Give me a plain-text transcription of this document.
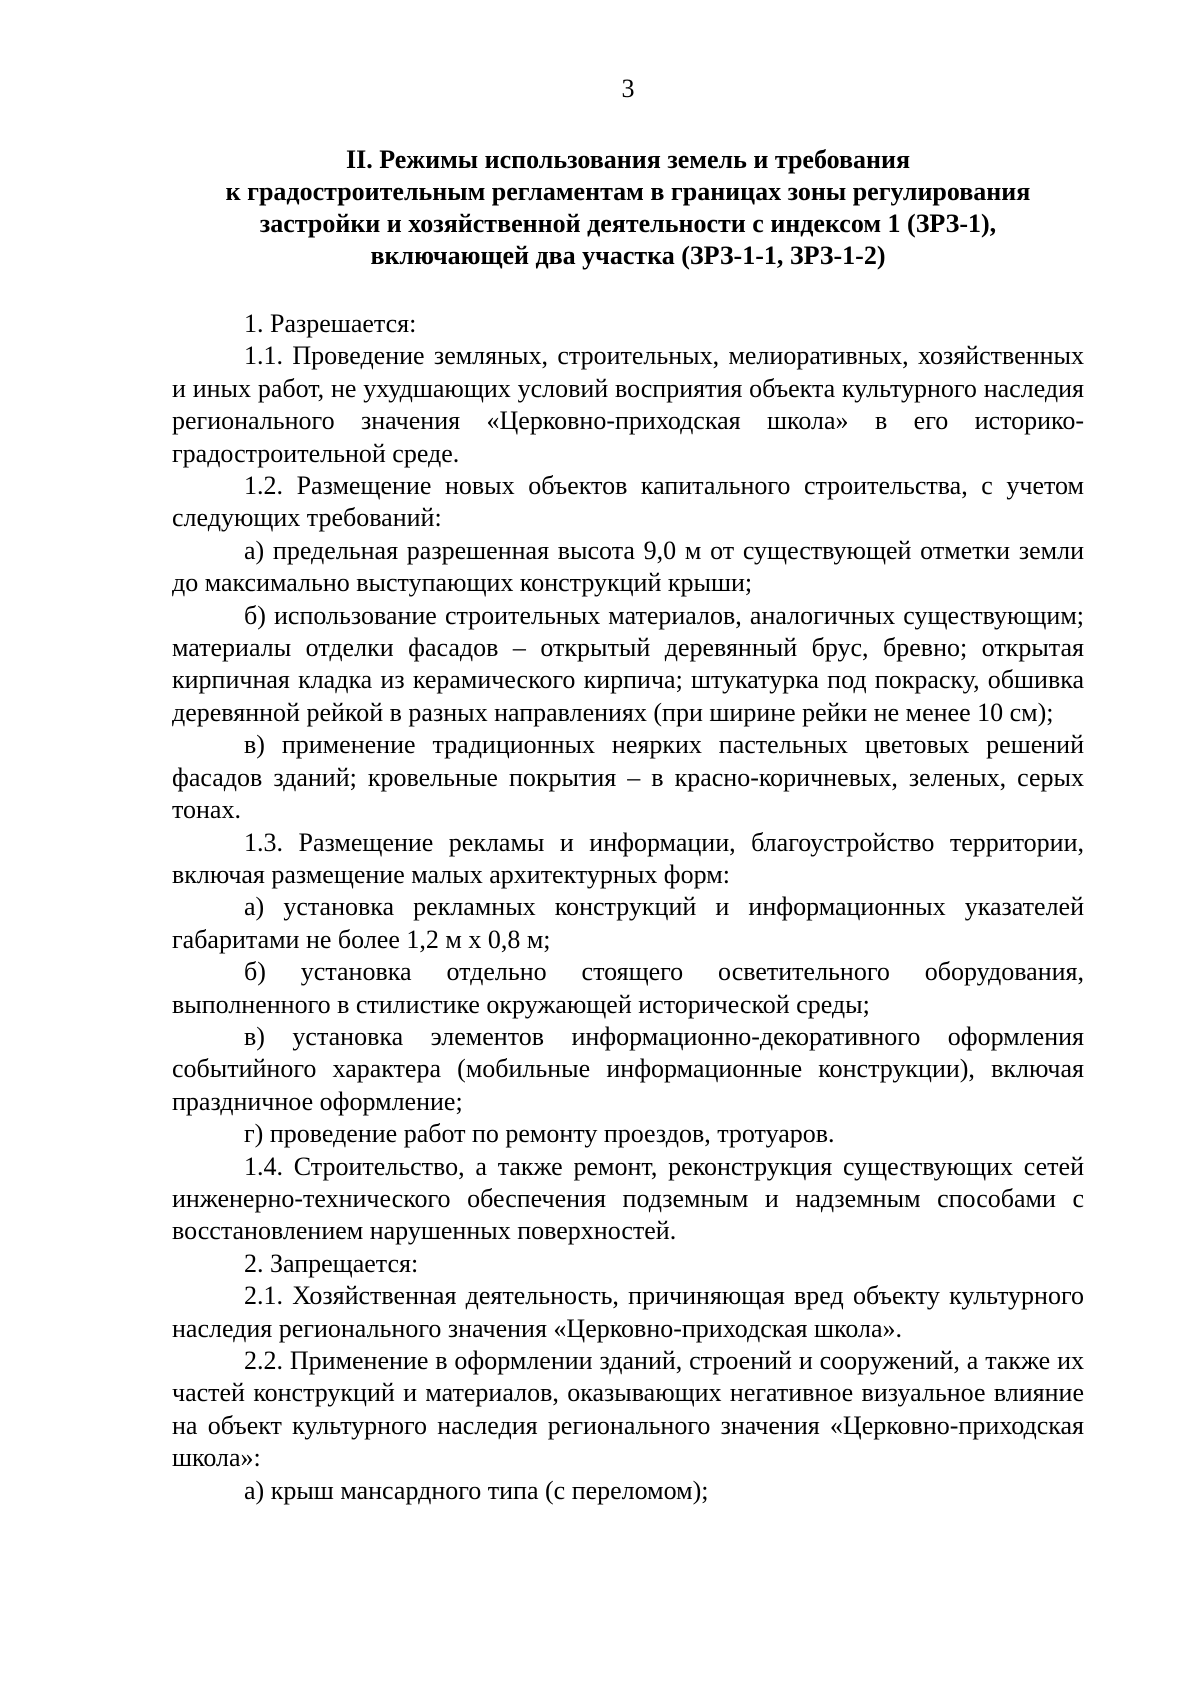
3
II. Режимы использования земель и требования
к градостроительным регламентам в границах зоны регулирования
застройки и хозяйственной деятельности с индексом 1 (ЗРЗ-1),
включающей два участка (ЗРЗ-1-1, ЗРЗ-1-2)

1. Разрешается:

1.1. Проведение земляных, строительных, мелиоративных, хозяйственных и иных работ, не ухудшающих условий восприятия объекта культурного наследия регионального значения «Церковно-приходская школа» в его историко-градостроительной среде.

1.2. Размещение новых объектов капитального строительства, с учетом следующих требований:

а) предельная разрешенная высота 9,0 м от существующей отметки земли до максимально выступающих конструкций крыши;

б) использование строительных материалов, аналогичных существующим; материалы отделки фасадов – открытый деревянный брус, бревно; открытая кирпичная кладка из керамического кирпича; штукатурка под покраску, обшивка деревянной рейкой в разных направлениях (при ширине рейки не менее 10 см);

в) применение традиционных неярких пастельных цветовых решений фасадов зданий; кровельные покрытия – в красно-коричневых, зеленых, серых тонах.

1.3. Размещение рекламы и информации, благоустройство территории, включая размещение малых архитектурных форм:

а) установка рекламных конструкций и информационных указателей габаритами не более 1,2 м х 0,8 м;

б) установка отдельно стоящего осветительного оборудования, выполненного в стилистике окружающей исторической среды;

в) установка элементов информационно-декоративного оформления событийного характера (мобильные информационные конструкции), включая праздничное оформление;

г) проведение работ по ремонту проездов, тротуаров.

1.4. Строительство, а также ремонт, реконструкция существующих сетей инженерно-технического обеспечения подземным и надземным способами с восстановлением нарушенных поверхностей.

2. Запрещается:

2.1. Хозяйственная деятельность, причиняющая вред объекту культурного наследия регионального значения «Церковно-приходская школа».

2.2. Применение в оформлении зданий, строений и сооружений, а также их частей конструкций и материалов, оказывающих негативное визуальное влияние на объект культурного наследия регионального значения «Церковно-приходская школа»:

а) крыш мансардного типа (с переломом);
